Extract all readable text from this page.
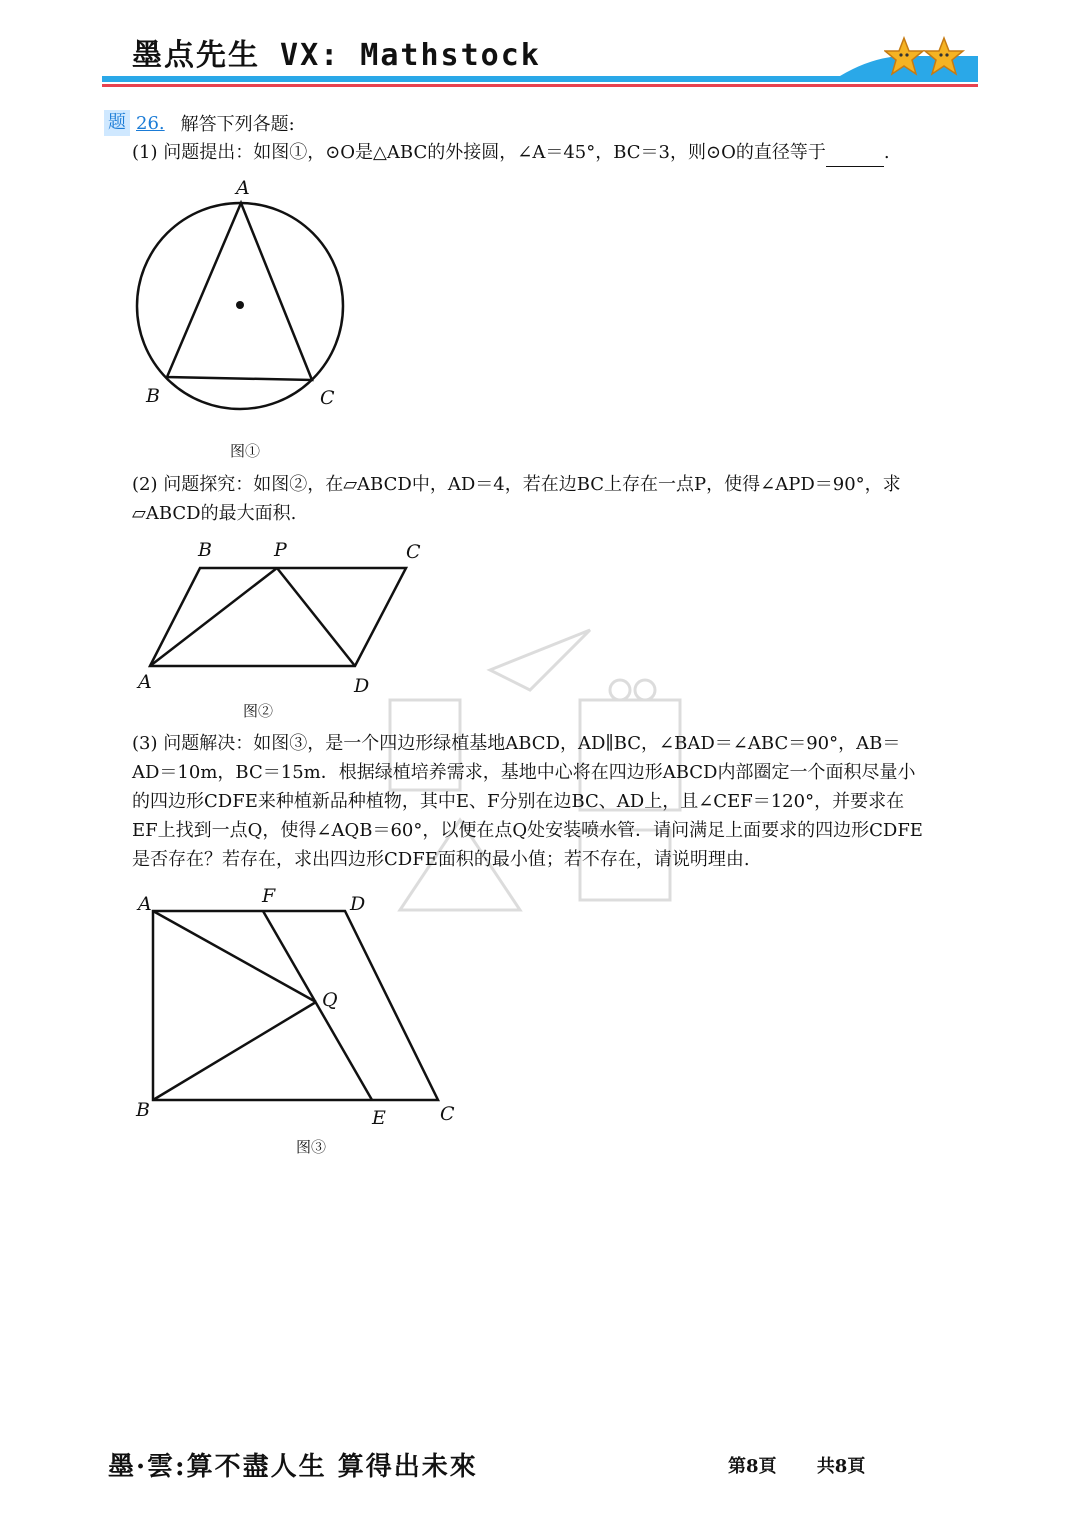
墨点先生 VX: Mathstock
题 26. 解答下列各题:
(1) 问题提出：如图①，⊙O是△ABC的外接圆，∠A＝45°，BC＝3，则⊙O的直径等于	.
A
B	C
图①
(2) 问题探究：如图②，在▱ABCD中，AD＝4，若在边BC上存在一点P，使得∠APD＝90°，求
▱ABCD的最大面积.
B	P	C
A	D
图②
(3) 问题解决：如图③，是一个四边形绿植基地ABCD，AD∥BC，∠BAD＝∠ABC＝90°，AB＝
AD＝10m，BC＝15m．根据绿植培养需求，基地中心将在四边形ABCD内部圈定一个面积尽量小
的四边形CDFE来种植新品种植物，其中E、F分别在边BC、AD上，且∠CEF＝120°，并要求在
EF上找到一点Q，使得∠AQB＝60°，以便在点Q处安装喷水管．请问满足上面要求的四边形CDFE
是否存在？若存在，求出四边形CDFE面积的最小值；若不存在，请说明理由.
A	F	D
Q
B	E	C
图③
墨·雲:算不盡人生 算得出未來	第8頁 共8頁
